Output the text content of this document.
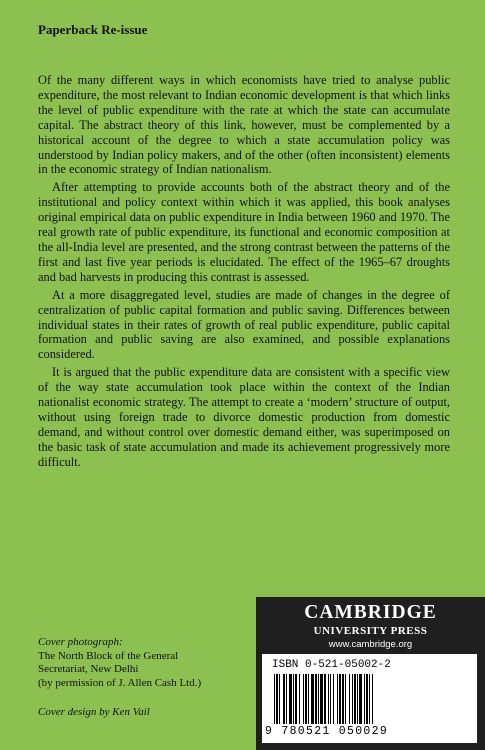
Paperback Re-issue

Of the many different ways in which economists have tried to analyse public expenditure, the most relevant to Indian economic development is that which links the level of public expenditure with the rate at which the state can accumulate capital. The abstract theory of this link, however, must be complemented by a historical account of the degree to which a state accumulation policy was understood by Indian policy makers, and of the other (often inconsistent) elements in the economic strategy of Indian nationalism.

After attempting to provide accounts both of the abstract theory and of the institutional and policy context within which it was applied, this book analyses original empirical data on public expenditure in India between 1960 and 1970. The real growth rate of public expenditure, its functional and economic composition at the all-India level are presented, and the strong contrast between the patterns of the first and last five year periods is elucidated. The effect of the 1965–67 droughts and bad harvests in producing this contrast is assessed.

At a more disaggregated level, studies are made of changes in the degree of centralization of public capital formation and public saving. Differences between individual states in their rates of growth of real public expenditure, public capital formation and public saving are also examined, and possible explanations considered.

It is argued that the public expenditure data are consistent with a specific view of the way state accumulation took place within the context of the Indian nationalist economic strategy. The attempt to create a ‘modern’ structure of output, without using foreign trade to divorce domestic production from domestic demand, and without control over domestic demand either, was superimposed on the basic task of state accumulation and made its achievement progressively more difficult.

Cover photograph:
The North Block of the General
Secretariat, New Delhi
(by permission of J. Allen Cash Ltd.)
Cover design by Ken Vail
CAMBRIDGE
UNIVERSITY PRESS
www.cambridge.org
ISBN 0-521-05002-2
9 780521 050029
